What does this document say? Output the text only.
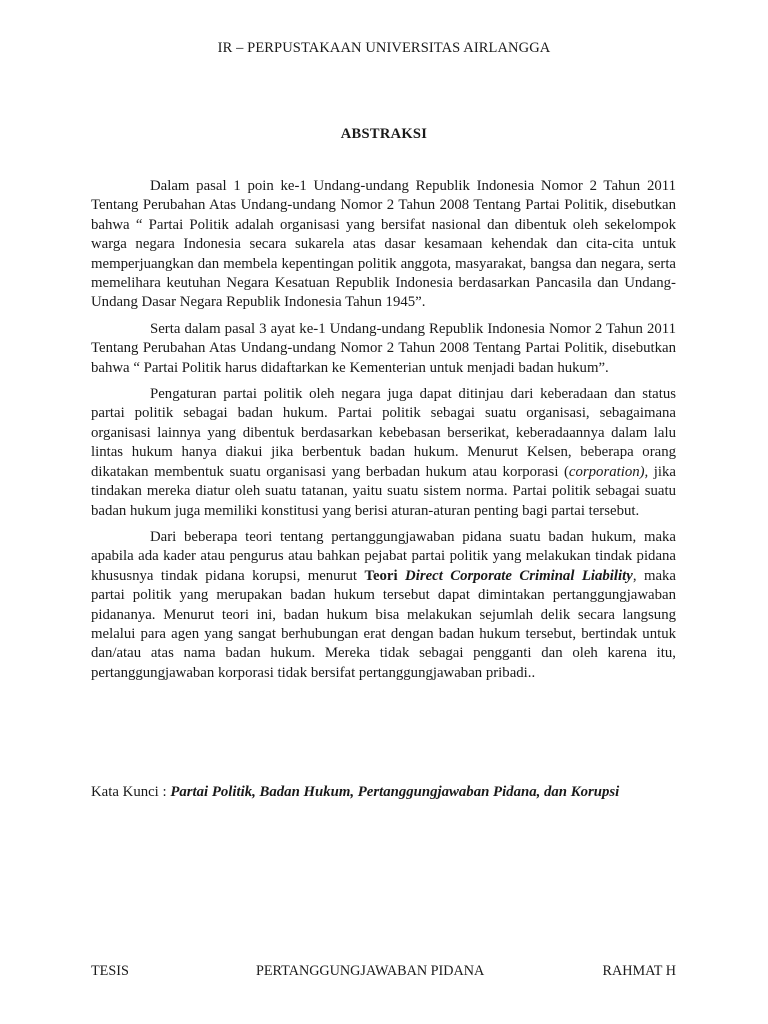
IR – PERPUSTAKAAN UNIVERSITAS AIRLANGGA
ABSTRAKSI

Dalam pasal 1 poin ke-1 Undang-undang Republik Indonesia Nomor 2 Tahun 2011 Tentang Perubahan Atas Undang-undang Nomor 2 Tahun 2008 Tentang Partai Politik, disebutkan bahwa “ Partai Politik adalah organisasi yang bersifat nasional dan dibentuk oleh sekelompok warga negara Indonesia secara sukarela atas dasar kesamaan kehendak dan cita-cita untuk memperjuangkan dan membela kepentingan politik anggota, masyarakat, bangsa dan negara, serta memelihara keutuhan Negara Kesatuan Republik Indonesia berdasarkan Pancasila dan Undang-Undang Dasar Negara Republik Indonesia Tahun 1945”.

Serta dalam pasal 3 ayat ke-1 Undang-undang Republik Indonesia Nomor 2 Tahun 2011 Tentang Perubahan Atas Undang-undang Nomor 2 Tahun 2008 Tentang Partai Politik, disebutkan bahwa “ Partai Politik harus didaftarkan ke Kementerian untuk menjadi badan hukum”.

Pengaturan partai politik oleh negara juga dapat ditinjau dari keberadaan dan status partai politik sebagai badan hukum. Partai politik sebagai suatu organisasi, sebagaimana organisasi lainnya yang dibentuk berdasarkan kebebasan berserikat, keberadaannya dalam lalu lintas hukum hanya diakui jika berbentuk badan hukum. Menurut Kelsen, beberapa orang dikatakan membentuk suatu organisasi yang berbadan hukum atau korporasi (corporation), jika tindakan mereka diatur oleh suatu tatanan, yaitu suatu sistem norma. Partai politik sebagai suatu badan hukum juga memiliki konstitusi yang berisi aturan-aturan penting bagi partai tersebut.

Dari beberapa teori tentang pertanggungjawaban pidana suatu badan hukum, maka apabila ada kader atau pengurus atau bahkan pejabat partai politik yang melakukan tindak pidana khususnya tindak pidana korupsi, menurut Teori Direct Corporate Criminal Liability, maka partai politik yang merupakan badan hukum tersebut dapat dimintakan pertanggungjawaban pidananya. Menurut teori ini, badan hukum bisa melakukan sejumlah delik secara langsung melalui para agen yang sangat berhubungan erat dengan badan hukum tersebut, bertindak untuk dan/atau atas nama badan hukum. Mereka tidak sebagai pengganti dan oleh karena itu, pertanggungjawaban korporasi tidak bersifat pertanggungjawaban pribadi..

Kata Kunci : Partai Politik, Badan Hukum, Pertanggungjawaban Pidana, dan Korupsi
TESIS	PERTANGGUNGJAWABAN PIDANA	RAHMAT H
